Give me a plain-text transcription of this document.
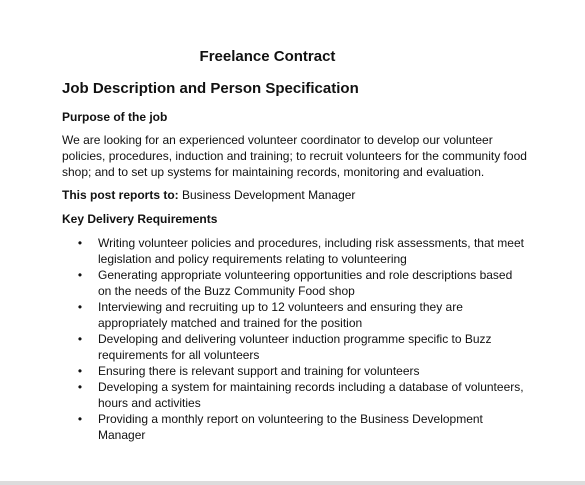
Freelance Contract
Job Description and Person Specification
Purpose of the job
We are looking for an experienced volunteer coordinator to develop our volunteer policies, procedures, induction and training; to recruit volunteers for the community food shop; and to set up systems for maintaining records, monitoring and evaluation.
This post reports to: Business Development Manager
Key Delivery Requirements
•	Writing volunteer policies and procedures, including risk assessments, that meet legislation and policy requirements relating to volunteering
•	Generating appropriate volunteering opportunities and role descriptions based on the needs of the Buzz Community Food shop
•	Interviewing and recruiting up to 12 volunteers and ensuring they are appropriately matched and trained for the position
•	Developing and delivering volunteer induction programme specific to Buzz requirements for all volunteers
•	Ensuring there is relevant support and training for volunteers
•	Developing a system for maintaining records including a database of volunteers, hours and activities
•	Providing a monthly report on volunteering to the Business Development Manager
